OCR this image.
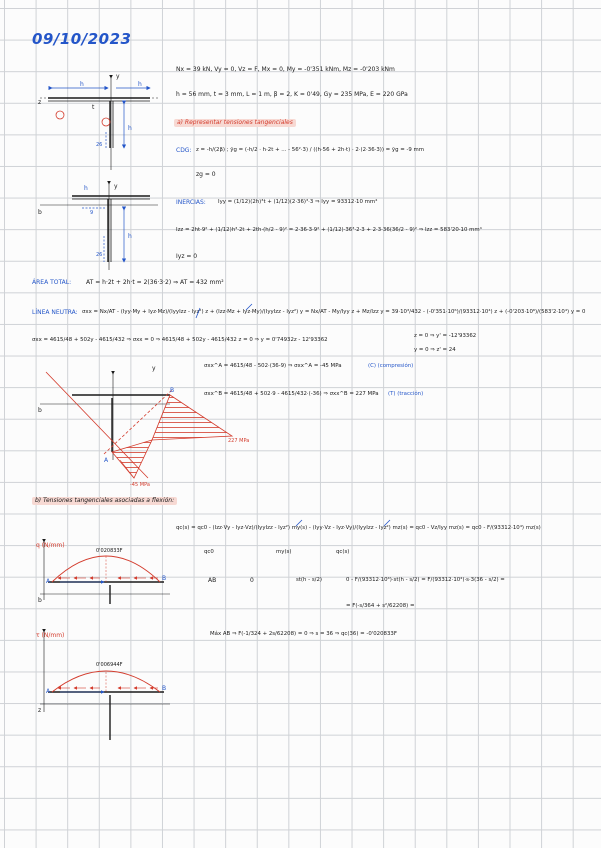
09/10/2023
Nx = 39 kN, Vy = 0, Vz = F, Mx = 0, My = -0'351 kNm, Mz = -0'203 kNm
h = 56 mm, t = 3 mm, L = 1 m, β = 2, K = 0'49, Gy = 235 MPa, E = 220 GPa
a) Representar tensiones tangenciales
CDG: z = -h/(2β) ; ȳg = (-h/2 · h·2t + ... - 56²·3) / ((h·56 + 2h·t) · 2·(2·36·3)) = ȳg = -9 mm
zg = 0
INERCIAS: Iyy = (1/12)(2h)³t + (1/12)(2·36)³·3 ⇒ Iyy = 93312·10 mm⁴
Izz = 2ht·9² + (1/12)h³·2t + 2th·(h/2 - 9)² = 2·36·3·9² + (1/12)·36³·2·3 + 2·3·36(36/2 - 9)² ⇒ Izz = 583'20·10 mm⁴
Iyz = 0
ÁREA TOTAL: AT = h·2t + 2h·t = 2(36·3·2) ⇒ AT = 432 mm²
LÍNEA NEUTRA: σxx = Nx/AT - (Iyy·My + Iyz·Mz)/(IyyIzz - Iyz²) z + (Izz·Mz + Iyz·My)/(IyyIzz - Iyz²) y = Nx/AT - My/Iyy z + Mz/Izz y = 39·10³/432 - (-0'351·10⁶)/(93312·10⁴) z + (-0'203·10⁶)/(583'2·10⁴) y = 0
σxx = 4615/48 + 502y - 4615/432 ⇒ σxx = 0 ⇒ 4615/48 + 502y - 4615/432 z = 0 ⇒ y = 0'74932z - 12'93362
z = 0 ⇒ y' = -12'93362
y = 0 ⇒ z' = 24
σxx^A = 4615/48 - 502·(36-9) ⇒ σxx^A = -45 MPa	(C) (compresión)
σxx^B = 4615/48 + 502·9 - 4615/432·(-36) ⇒ σxx^B = 227 MPa (T) (tracción)
b) Tensiones tangenciales asociadas a flexión:
qc(s) = qc0 - (Izz·Vy - Iyz·Vz)/(IyyIzz - Iyz²) my(s) - (Iyy·Vz - Iyz·Vy)/(IyyIzz - Iyz²) mz(s) = qc0 - Vz/Iyy mz(s) = qc0 - F/(93312·10⁴) mz(s)
qc0	my(s)	qc(s)
AB	0	st(h - s/2)	0 - F/(93312·10⁴)·st(h - s/2) = F/(93312·10⁴)·s·3(36 - s/2) =
= F(-s/364 + s²/62208) =
Máx AB ⇒ F(-1/324 + 2s/62208) = 0 ⇒ s = 36 ⇒ qc(36) = -0'020833F
h	h
y
z
t
h
26
h	y
b	9
h
26
y
b
B
A
227 MPa
-45 MPa
q (N/mm)
0'020833F
A	B
b
τ (N/mm)
0'006944F
A	B
z
